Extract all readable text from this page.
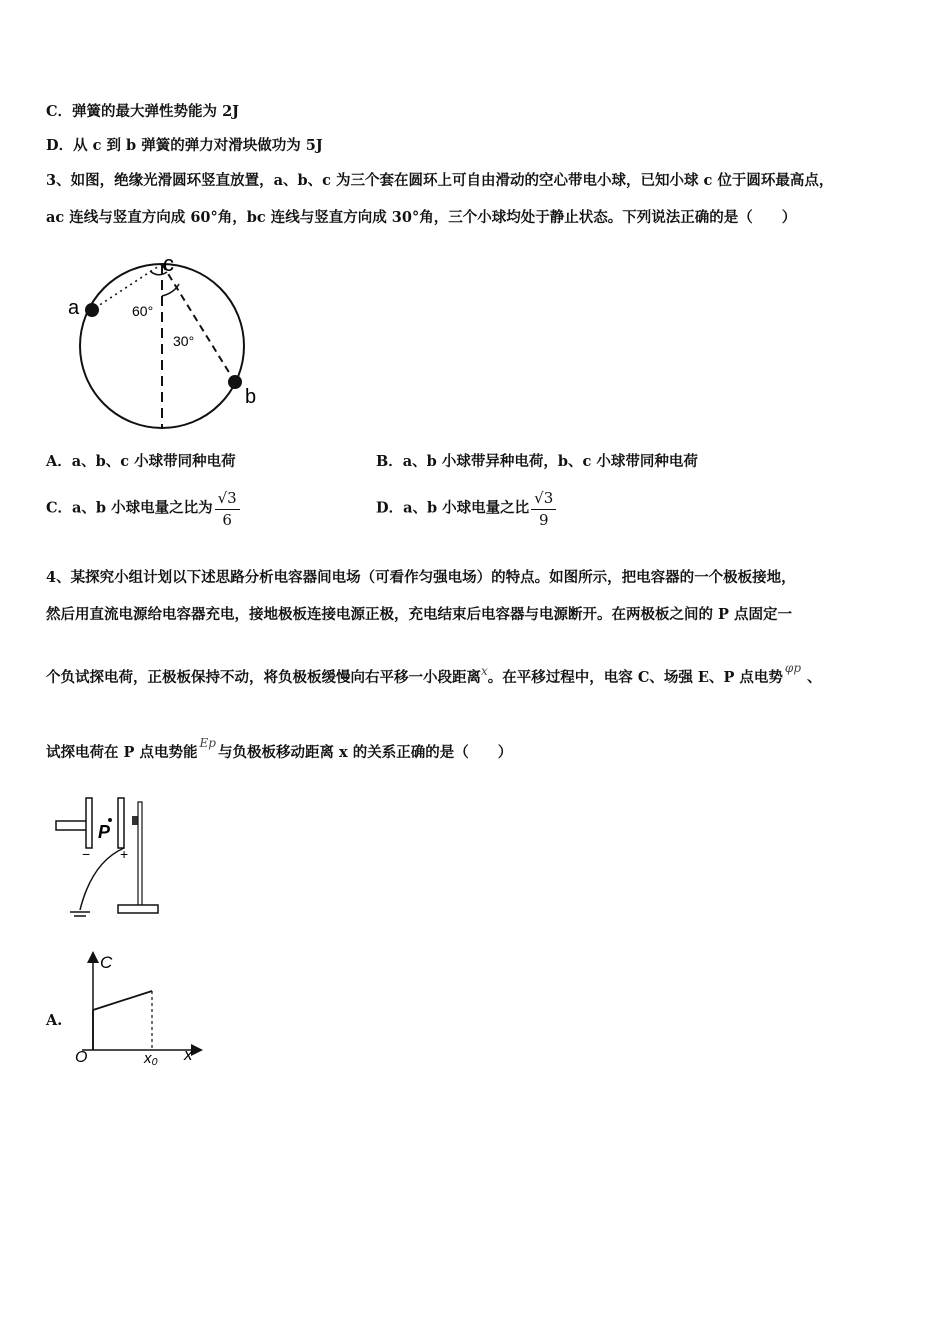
C．弹簧的最大弹性势能为 2J
D．从 c 到 b 弹簧的弹力对滑块做功为 5J
3、如图，绝缘光滑圆环竖直放置，a、b、c 为三个套在圆环上可自由滑动的空心带电小球，已知小球 c 位于圆环最高点，
ac 连线与竖直方向成 60°角，bc 连线与竖直方向成 30°角，三个小球均处于静止状态。下列说法正确的是（　　）
a
b
c
60°
30°
A．a、b、c 小球带同种电荷	B．a、b 小球带异种电荷，b、c 小球带同种电荷
C．a、b 小球电量之比为 $\frac{√3}{6}$	D．a、b 小球电量之比 $\frac{√3}{9}$
4、某探究小组计划以下述思路分析电容器间电场（可看作匀强电场）的特点。如图所示，把电容器的一个极板接地，
然后用直流电源给电容器充电，接地极板连接电源正极，充电结束后电容器与电源断开。在两极板之间的 P 点固定一
个负试探电荷，正极板保持不动，将负极板缓慢向右平移一小段距离$^x$。在平移过程中，电容 C、场强 E、P 点电势$^{\varphi p}$、
试探电荷在 P 点电势能$^{Ep}$与负极板移动距离 x 的关系正确的是（　　）
P
− +
A.
C
x
O	x₀
